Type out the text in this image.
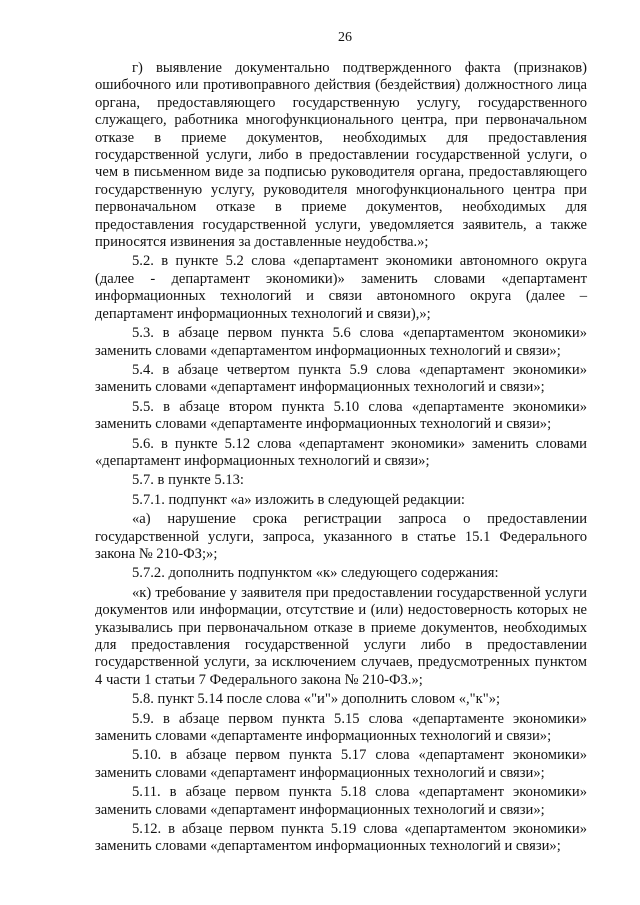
26

г) выявление документально подтвержденного факта (признаков) ошибочного или противоправного действия (бездействия) должностного лица органа, предоставляющего государственную услугу, государственного служащего, работника многофункционального центра, при первоначальном отказе в приеме документов, необходимых для предоставления государственной услуги, либо в предоставлении государственной услуги, о чем в письменном виде за подписью руководителя органа, предоставляющего государственную услугу, руководителя многофункционального центра при первоначальном отказе в приеме документов, необходимых для предоставления государственной услуги, уведомляется заявитель, а также приносятся извинения за доставленные неудобства.»;

5.2. в пункте 5.2 слова «департамент экономики автономного округа (далее - департамент экономики)» заменить словами «департамент информационных технологий и связи автономного округа (далее – департамент информационных технологий и связи),»;

5.3. в абзаце первом пункта 5.6 слова «департаментом экономики» заменить словами «департаментом информационных технологий и связи»;

5.4. в абзаце четвертом пункта 5.9 слова «департамент экономики» заменить словами «департамент информационных технологий и связи»;

5.5. в абзаце втором пункта 5.10 слова «департаменте экономики» заменить словами «департаменте информационных технологий и связи»;

5.6. в пункте 5.12 слова «департамент экономики» заменить словами «департамент информационных технологий и связи»;

5.7. в пункте 5.13:

5.7.1. подпункт «а» изложить в следующей редакции:

«а) нарушение срока регистрации запроса о предоставлении государственной услуги, запроса, указанного в статье 15.1 Федерального закона № 210-ФЗ;»;

5.7.2. дополнить подпунктом «к» следующего содержания:

«к) требование у заявителя при предоставлении государственной услуги документов или информации, отсутствие и (или) недостоверность которых не указывались при первоначальном отказе в приеме документов, необходимых для предоставления государственной услуги либо в предоставлении государственной услуги, за исключением случаев, предусмотренных пунктом 4 части 1 статьи 7 Федерального закона № 210-ФЗ.»;

5.8. пункт 5.14 после слова «"и"» дополнить словом «,"к"»;

5.9. в абзаце первом пункта 5.15 слова «департаменте экономики» заменить словами «департаменте информационных технологий и связи»;

5.10. в абзаце первом пункта 5.17 слова «департамент экономики» заменить словами «департамент информационных технологий и связи»;

5.11. в абзаце первом пункта 5.18 слова «департамент экономики» заменить словами «департамент информационных технологий и связи»;

5.12. в абзаце первом пункта 5.19 слова «департаментом экономики» заменить словами «департаментом информационных технологий и связи»;
